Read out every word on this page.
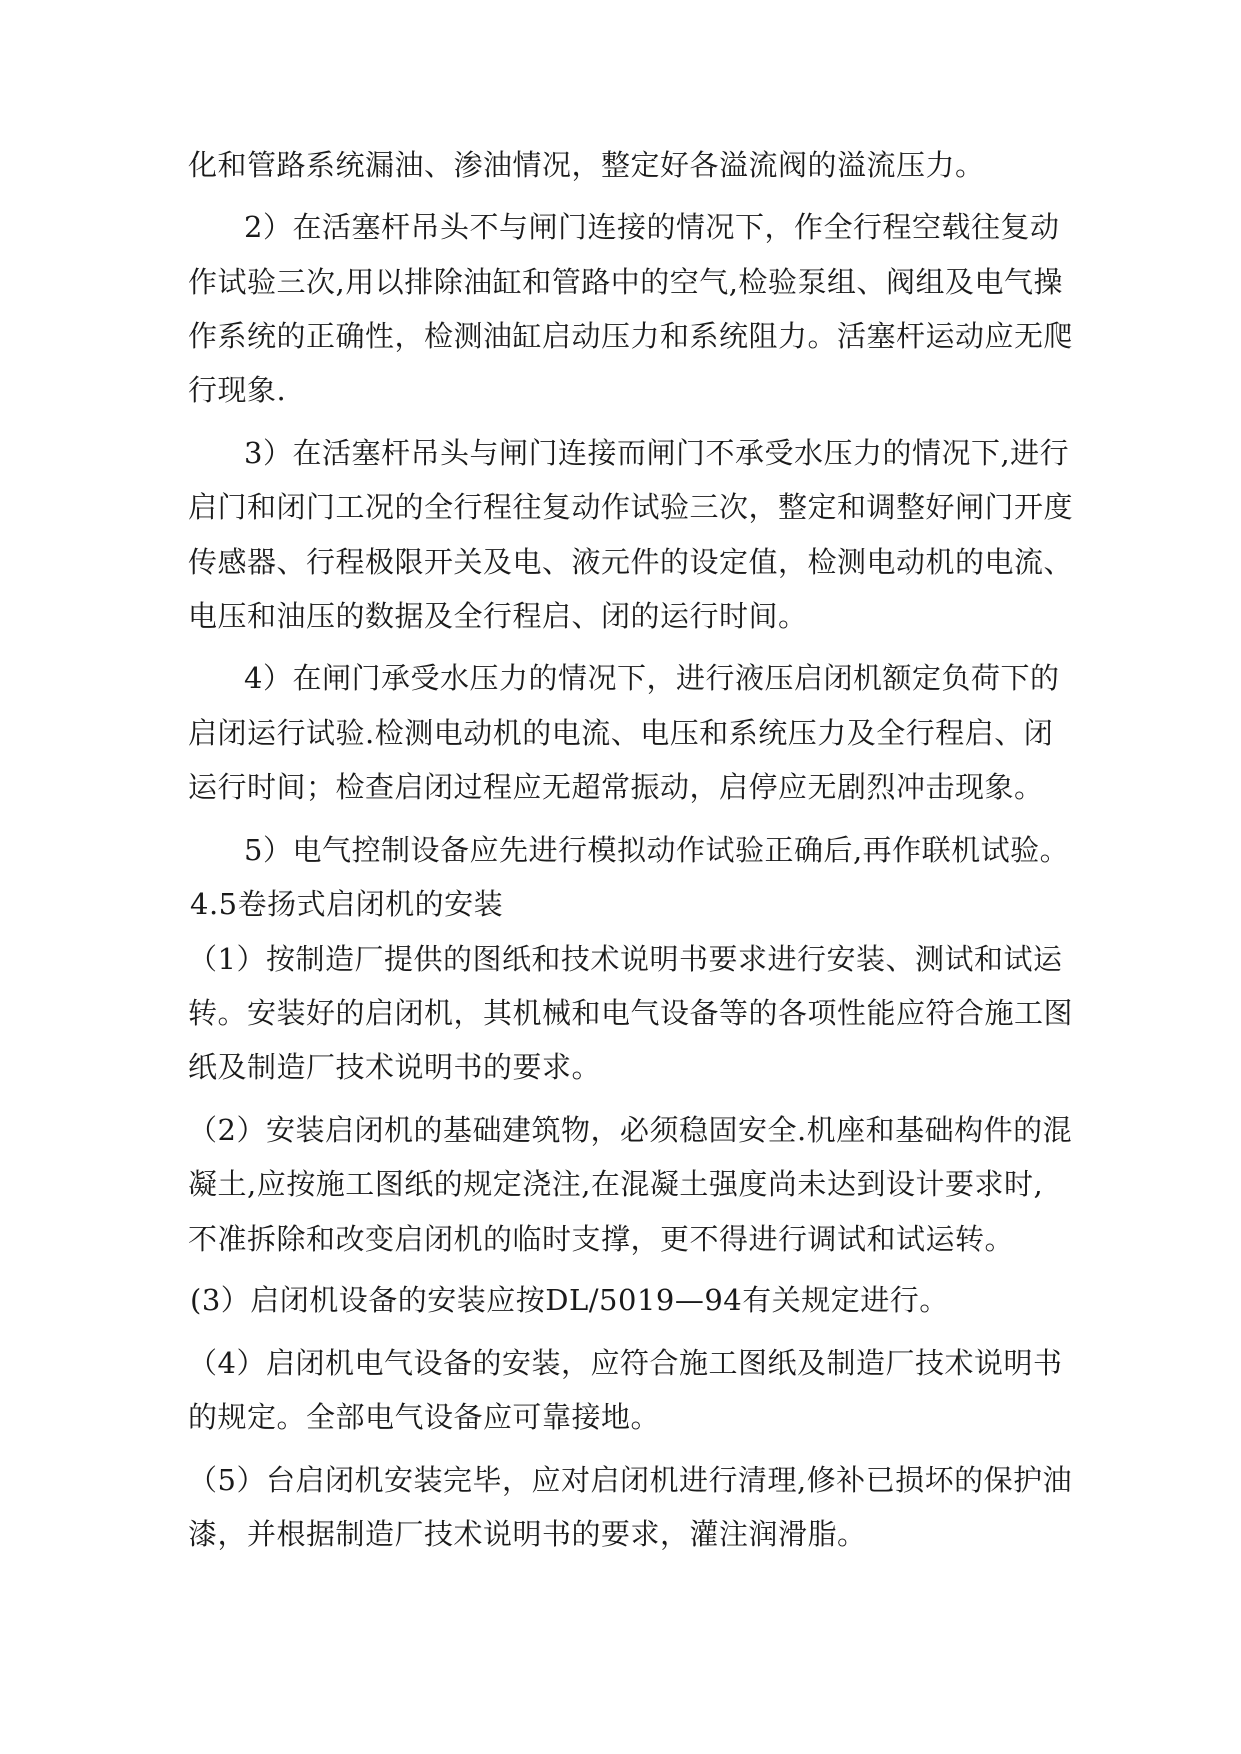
化和管路系统漏油、渗油情况，整定好各溢流阀的溢流压力。
2）在活塞杆吊头不与闸门连接的情况下，作全行程空载往复动
作试验三次,用以排除油缸和管路中的空气,检验泵组、阀组及电气操
作系统的正确性，检测油缸启动压力和系统阻力。活塞杆运动应无爬
行现象.
3）在活塞杆吊头与闸门连接而闸门不承受水压力的情况下,进行
启门和闭门工况的全行程往复动作试验三次，整定和调整好闸门开度
传感器、行程极限开关及电、液元件的设定值，检测电动机的电流、
电压和油压的数据及全行程启、闭的运行时间。
4）在闸门承受水压力的情况下，进行液压启闭机额定负荷下的
启闭运行试验.检测电动机的电流、电压和系统压力及全行程启、闭
运行时间；检查启闭过程应无超常振动，启停应无剧烈冲击现象。
5）电气控制设备应先进行模拟动作试验正确后,再作联机试验。
4.5卷扬式启闭机的安装
（1）按制造厂提供的图纸和技术说明书要求进行安装、测试和试运
转。安装好的启闭机，其机械和电气设备等的各项性能应符合施工图
纸及制造厂技术说明书的要求。
（2）安装启闭机的基础建筑物，必须稳固安全.机座和基础构件的混
凝土,应按施工图纸的规定浇注,在混凝土强度尚未达到设计要求时,
不准拆除和改变启闭机的临时支撑，更不得进行调试和试运转。
(3）启闭机设备的安装应按DL/5019—94有关规定进行。
（4）启闭机电气设备的安装，应符合施工图纸及制造厂技术说明书
的规定。全部电气设备应可靠接地。
（5）台启闭机安装完毕，应对启闭机进行清理,修补已损坏的保护油
漆，并根据制造厂技术说明书的要求，灌注润滑脂。
